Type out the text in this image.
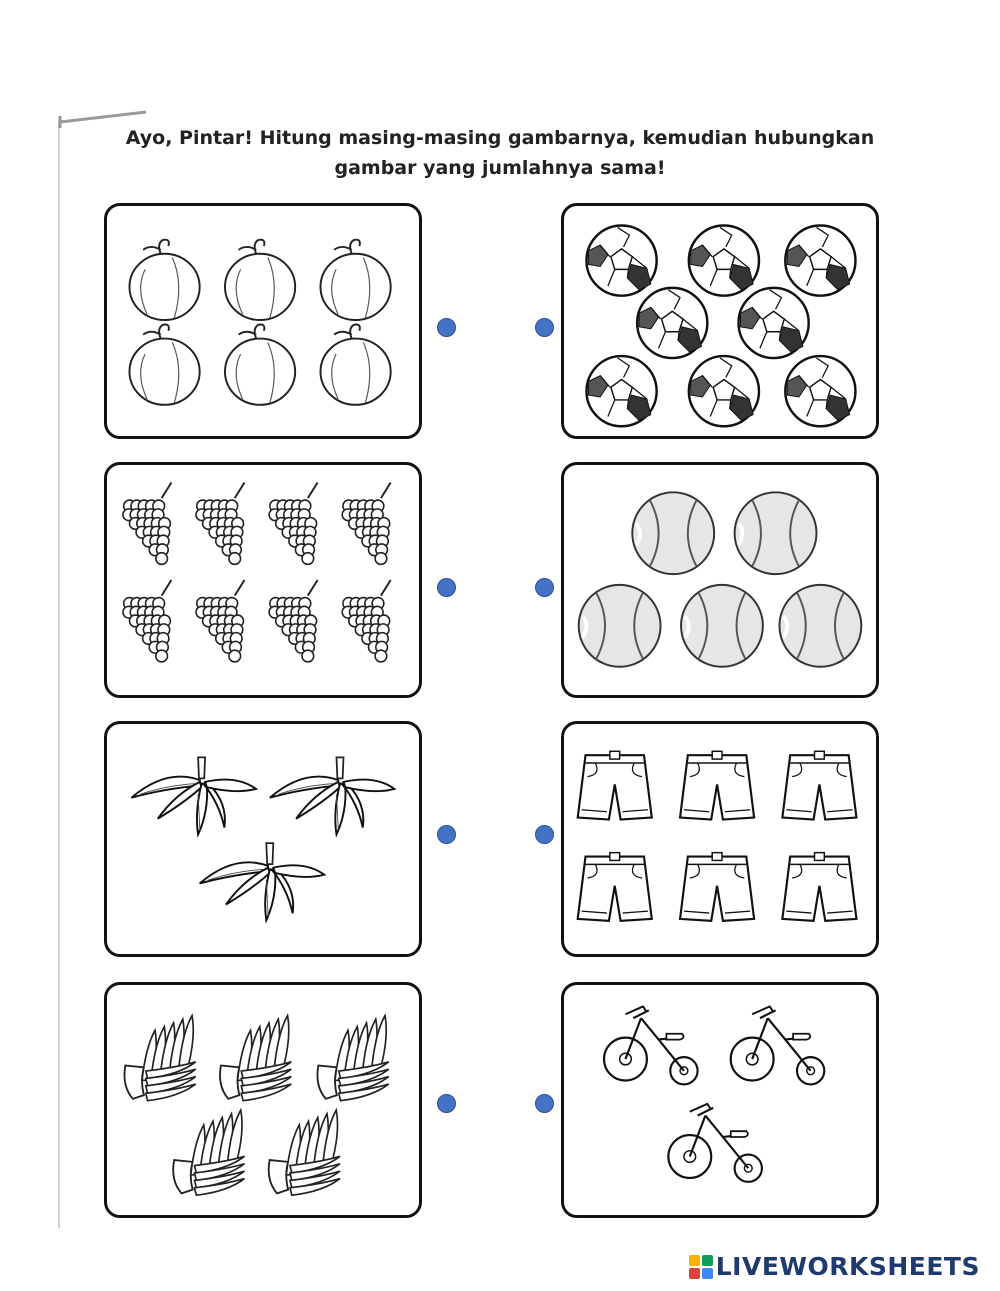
Ayo, Pintar! Hitung masing-masing gambarnya, kemudian hubungkan
gambar yang jumlahnya sama!
LIVEWORKSHEETS
